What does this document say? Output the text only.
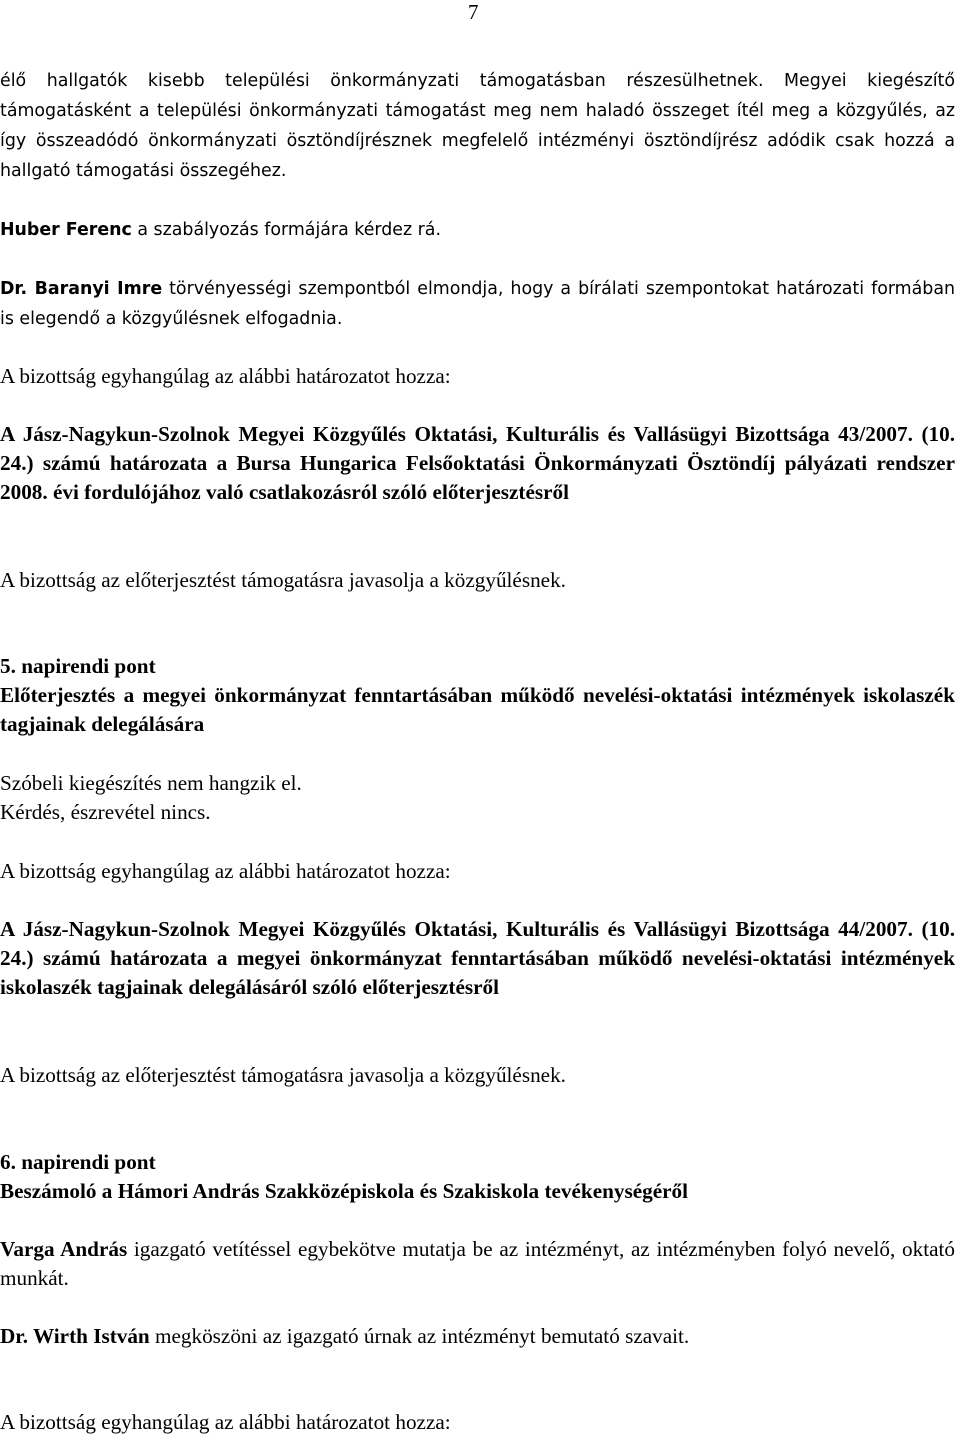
7

élő hallgatók kisebb települési önkormányzati támogatásban részesülhetnek. Megyei kiegészítő támogatásként a települési önkormányzati támogatást meg nem haladó összeget ítél meg a közgyűlés, az így összeadódó önkormányzati ösztöndíjrésznek megfelelő intézményi ösztöndíjrész adódik csak hozzá a hallgató támogatási összegéhez.

Huber Ferenc a szabályozás formájára kérdez rá.

Dr. Baranyi Imre törvényességi szempontból elmondja, hogy a bírálati szempontokat határozati formában is elegendő a közgyűlésnek elfogadnia.

A bizottság egyhangúlag az alábbi határozatot hozza:

A Jász-Nagykun-Szolnok Megyei Közgyűlés Oktatási, Kulturális és Vallásügyi Bizottsága 43/2007. (10. 24.) számú határozata a Bursa Hungarica Felsőoktatási Önkormányzati Ösztöndíj pályázati rendszer 2008. évi fordulójához való csatlakozásról szóló előterjesztésről

A bizottság az előterjesztést támogatásra javasolja a közgyűlésnek.

5. napirendi pont

Előterjesztés a megyei önkormányzat fenntartásában működő nevelési-oktatási intézmények iskolaszék tagjainak delegálására

Szóbeli kiegészítés nem hangzik el.
Kérdés, észrevétel nincs.

A bizottság egyhangúlag az alábbi határozatot hozza:

A Jász-Nagykun-Szolnok Megyei Közgyűlés Oktatási, Kulturális és Vallásügyi Bizottsága 44/2007. (10. 24.) számú határozata a megyei önkormányzat fenntartásában működő nevelési-oktatási intézmények iskolaszék tagjainak delegálásáról szóló előterjesztésről

A bizottság az előterjesztést támogatásra javasolja a közgyűlésnek.

6. napirendi pont

Beszámoló a Hámori András Szakközépiskola és Szakiskola tevékenységéről

Varga András igazgató vetítéssel egybekötve mutatja be az intézményt, az intézményben folyó nevelő, oktató munkát.

Dr. Wirth István megköszöni az igazgató úrnak az intézményt bemutató szavait.

A bizottság egyhangúlag az alábbi határozatot hozza:
